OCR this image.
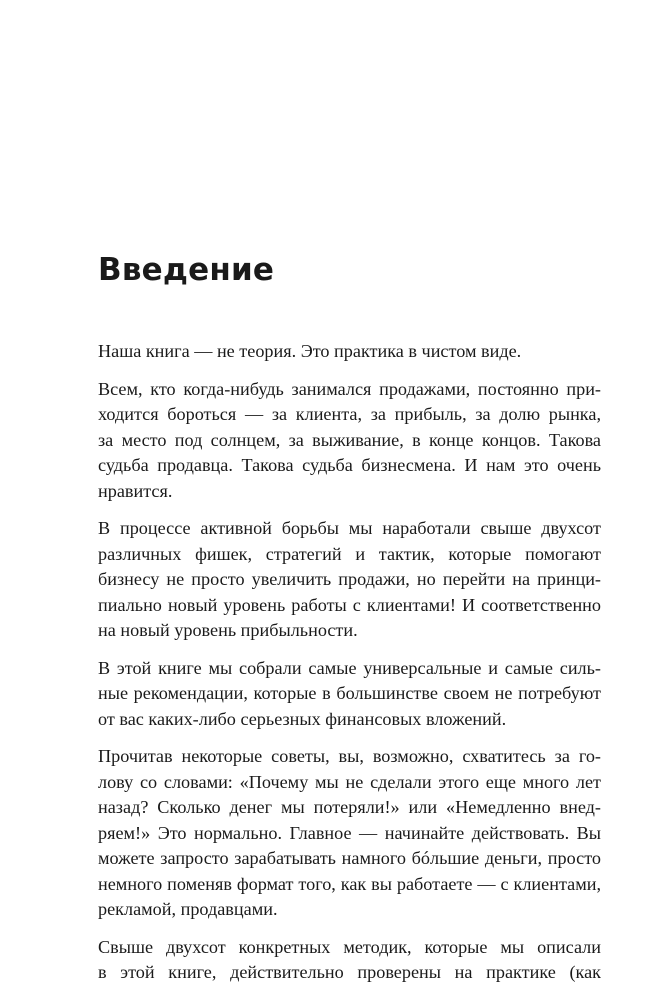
Введение

Наша книга — не теория. Это практика в чистом виде.

Всем, кто когда-нибудь занимался продажами, постоянно при-
ходится бороться — за клиента, за прибыль, за долю рынка,
за место под солнцем, за выживание, в конце концов. Такова
судьба продавца. Такова судьба бизнесмена. И нам это очень
нравится.

В процессе активной борьбы мы наработали свыше двухсот
различных фишек, стратегий и тактик, которые помогают
бизнесу не просто увеличить продажи, но перейти на принци-
пиально новый уровень работы с клиентами! И соответственно
на новый уровень прибыльности.

В этой книге мы собрали самые универсальные и самые силь-
ные рекомендации, которые в большинстве своем не потребуют
от вас каких-либо серьезных финансовых вложений.

Прочитав некоторые советы, вы, возможно, схватитесь за го-
лову со словами: «Почему мы не сделали этого еще много лет
назад? Сколько денег мы потеряли!» или «Немедленно внед-
ряем!» Это нормально. Главное — начинайте действовать. Вы
можете запросто зарабатывать намного бóльшие деньги, просто
немного поменяв формат того, как вы работаете — с клиентами,
рекламой, продавцами.

Свыше двухсот конкретных методик, которые мы описали
в этой книге, действительно проверены на практике (как
